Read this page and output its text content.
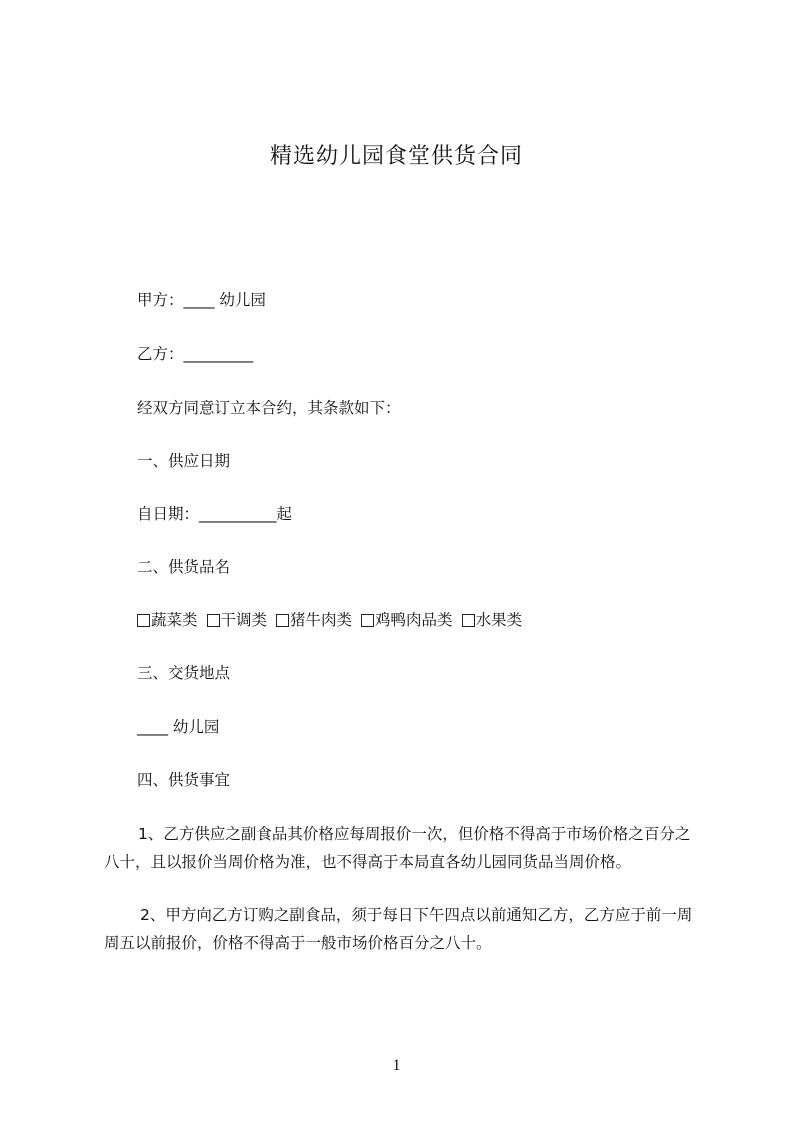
精选幼儿园食堂供货合同
甲方：____ 幼儿园
乙方：_________
经双方同意订立本合约，其条款如下：
一、供应日期
自日期：__________起
二、供货品名
蔬菜类 干调类 猪牛肉类 鸡鸭肉品类 水果类
三、交货地点
____ 幼儿园
四、供货事宜
1、乙方供应之副食品其价格应每周报价一次，但价格不得高于市场价格之百分之
八十，且以报价当周价格为准，也不得高于本局直各幼儿园同货品当周价格。
2、甲方向乙方订购之副食品，须于每日下午四点以前通知乙方，乙方应于前一周
周五以前报价，价格不得高于一般市场价格百分之八十。
1
